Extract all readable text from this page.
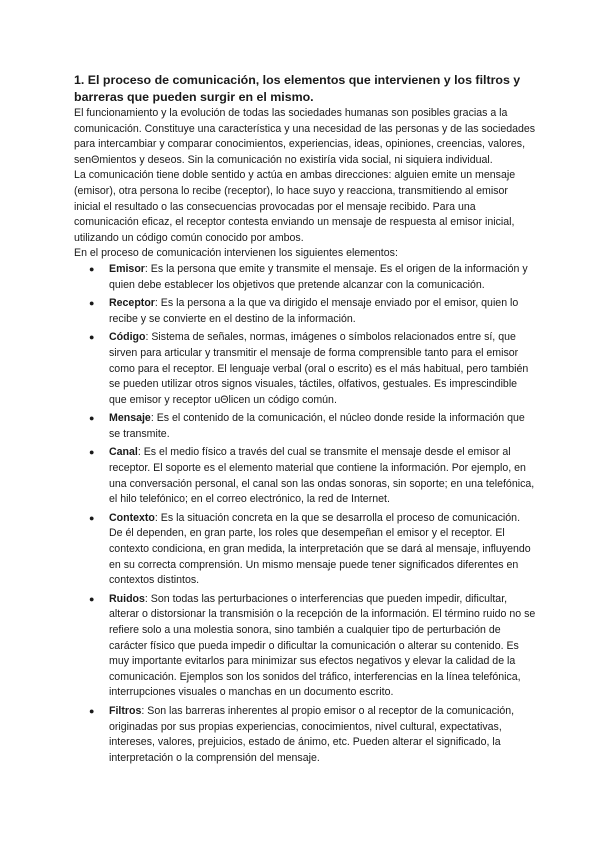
1. El proceso de comunicación, los elementos que intervienen y los filtros y barreras que pueden surgir en el mismo.

El funcionamiento y la evolución de todas las sociedades humanas son posibles gracias a la comunicación. Constituye una característica y una necesidad de las personas y de las sociedades para intercambiar y comparar conocimientos, experiencias, ideas, opiniones, creencias, valores, senΘmientos y deseos. Sin la comunicación no existiría vida social, ni siquiera individual.

La comunicación tiene doble sentido y actúa en ambas direcciones: alguien emite un mensaje (emisor), otra persona lo recibe (receptor), lo hace suyo y reacciona, transmitiendo al emisor inicial el resultado o las consecuencias provocadas por el mensaje recibido. Para una comunicación eficaz, el receptor contesta enviando un mensaje de respuesta al emisor inicial, utilizando un código común conocido por ambos.

En el proceso de comunicación intervienen los siguientes elementos:

● Emisor: Es la persona que emite y transmite el mensaje. Es el origen de la información y quien debe establecer los objetivos que pretende alcanzar con la comunicación.
● Receptor: Es la persona a la que va dirigido el mensaje enviado por el emisor, quien lo recibe y se convierte en el destino de la información.
● Código: Sistema de señales, normas, imágenes o símbolos relacionados entre sí, que sirven para articular y transmitir el mensaje de forma comprensible tanto para el emisor como para el receptor. El lenguaje verbal (oral o escrito) es el más habitual, pero también se pueden utilizar otros signos visuales, táctiles, olfativos, gestuales. Es imprescindible que emisor y receptor uΘlicen un código común.
● Mensaje: Es el contenido de la comunicación, el núcleo donde reside la información que se transmite.
● Canal: Es el medio físico a través del cual se transmite el mensaje desde el emisor al receptor. El soporte es el elemento material que contiene la información. Por ejemplo, en una conversación personal, el canal son las ondas sonoras, sin soporte; en una telefónica, el hilo telefónico; en el correo electrónico, la red de Internet.
● Contexto: Es la situación concreta en la que se desarrolla el proceso de comunicación. De él dependen, en gran parte, los roles que desempeñan el emisor y el receptor. El contexto condiciona, en gran medida, la interpretación que se dará al mensaje, influyendo en su correcta comprensión. Un mismo mensaje puede tener significados diferentes en contextos distintos.
● Ruidos: Son todas las perturbaciones o interferencias que pueden impedir, dificultar, alterar o distorsionar la transmisión o la recepción de la información. El término ruido no se refiere solo a una molestia sonora, sino también a cualquier tipo de perturbación de carácter físico que pueda impedir o dificultar la comunicación o alterar su contenido. Es muy importante evitarlos para minimizar sus efectos negativos y elevar la calidad de la comunicación. Ejemplos son los sonidos del tráfico, interferencias en la línea telefónica, interrupciones visuales o manchas en un documento escrito.
● Filtros: Son las barreras inherentes al propio emisor o al receptor de la comunicación, originadas por sus propias experiencias, conocimientos, nivel cultural, expectativas, intereses, valores, prejuicios, estado de ánimo, etc. Pueden alterar el significado, la interpretación o la comprensión del mensaje.
